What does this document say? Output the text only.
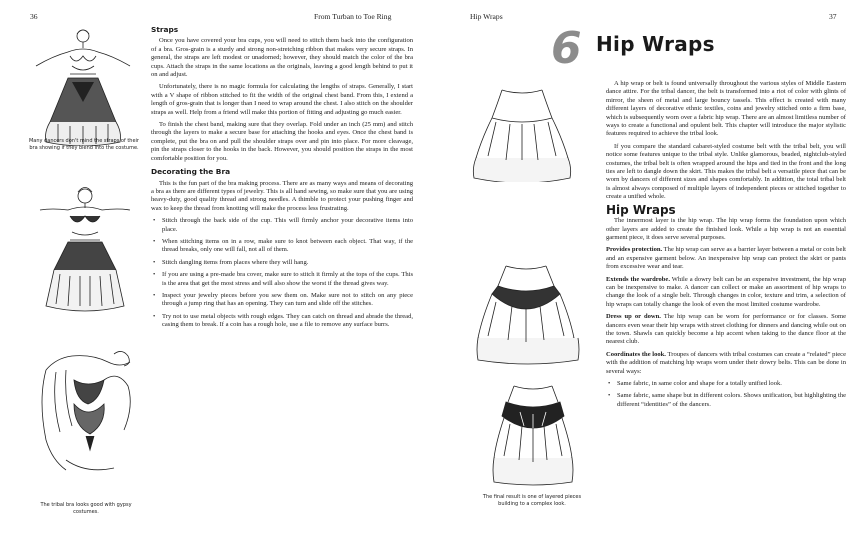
36	From Turban to Toe Ring
Many dancers don't mind the straps of their bra showing if they blend into the costume.
The tribal bra looks good with gypsy costumes.
Straps

Once you have covered your bra cups, you will need to stitch them back into the configuration of a bra. Gros-grain is a sturdy and strong non-stretching ribbon that makes very secure straps. In general, the straps are left modest or unadorned; however, they should match the color of the bra cups. Attach the straps in the same locations as the originals, leaving a good length behind to put it on and adjust.

Unfortunately, there is no magic formula for calculating the lengths of straps. Generally, I start with a V shape of ribbon stitched to fit the width of the original chest band. From this, I extend a length of gros-grain that is longer than I need to wrap around the chest. I also stitch on the shoulder straps as well. Help from a friend will make this portion of fitting and adjusting go much easier.

To finish the chest band, making sure that they overlap. Fold under an inch (25 mm) and stitch through the layers to make a secure base for attaching the hooks and eyes. Once the chest band is complete, put the bra on and pull the shoulder straps over and pin into place. For more cleavage, pin the straps closer to the hooks in the back. However, you should position the straps in the most comfortable position for you.

Decorating the Bra

This is the fun part of the bra making process. There are as many ways and means of decorating a bra as there are different types of jewelry. This is all hand sewing, so make sure that you are using heavy-duty, good quality thread and strong needles. A thimble to protect your pushing finger and wax to keep the thread from knotting will make the process less frustrating.

• Stitch through the back side of the cup. This will firmly anchor your decorative items into place.
• When stitching items on in a row, make sure to knot between each object. That way, if the thread breaks, only one will fall, not all of them.
• Stitch dangling items from places where they will hang.
• If you are using a pre-made bra cover, make sure to stitch it firmly at the tops of the cups. This is the area that get the most stress and will also show the worst if the thread gives way.
• Inspect your jewelry pieces before you sew them on. Make sure not to stitch on any piece through a jump ring that has an opening. They can turn and slide off the stitches.
• Try not to use metal objects with rough edges. They can catch on thread and abrade the thread, casing them to break. If a coin has a rough hole, use a file to remove any surface burrs.
Hip Wraps	37
6 Hip Wraps
The final result is one of layered pieces building to a complex look.

A hip wrap or belt is found universally throughout the various styles of Middle Eastern dance attire. For the tribal dancer, the belt is transformed into a riot of color with glints of mirror, the sheen of metal and large bouncy tassels. This effect is created with many different layers of decorative ethnic textiles, coins and jewelry stitched onto a firm base, which is subsequently worn over a fabric hip wrap. There are an almost limitless number of ways to create a functional and opulent belt. This chapter will introduce the major stylistic features required to achieve the tribal look.

If you compare the standard cabaret-styled costume belt with the tribal belt, you will notice some features unique to the tribal style. Unlike glamorous, beaded, nightclub-styled costumes, the tribal belt is often wrapped around the hips and tied in the front and the long ties are left to dangle down the skirt. This makes the tribal belt a versatile piece that can be worn by dancers of different sizes and shapes comfortably. In addition, the total tribal belt is almost always composed of multiple layers of independent pieces or stitched together to create a unified whole.

Hip Wraps

The innermost layer is the hip wrap. The hip wrap forms the foundation upon which other layers are added to create the finished look. While a hip wrap is not an essential garment piece, it does serve several purposes.

Provides protection. The hip wrap can serve as a barrier layer between a metal or coin belt and an expensive garment below. An inexpensive hip wrap can protect the skirt or pants from excessive wear and tear.

Extends the wardrobe. While a dowry belt can be an expensive investment, the hip wrap can be inexpensive to make. A dancer can collect or make an assortment of hip wraps to change the look of a single belt. Through changes in color, texture and trim, a selection of hip wraps can totally change the look of even the most limited costume wardrobe.

Dress up or down. The hip wrap can be worn for performance or for classes. Some dancers even wear their hip wraps with street clothing for dinners and dancing while out on the town. Shawls can quickly become a hip accent when taking to the dance floor at the nearest club.

Coordinates the look. Troupes of dancers with tribal costumes can create a “related” piece with the addition of matching hip wraps worn under their dowry belts. This can be done in several ways:

• Same fabric, in same color and shape for a totally unified look.
• Same fabric, same shape but in different colors. Shows unification, but highlighting the different “identities” of the dancers.
